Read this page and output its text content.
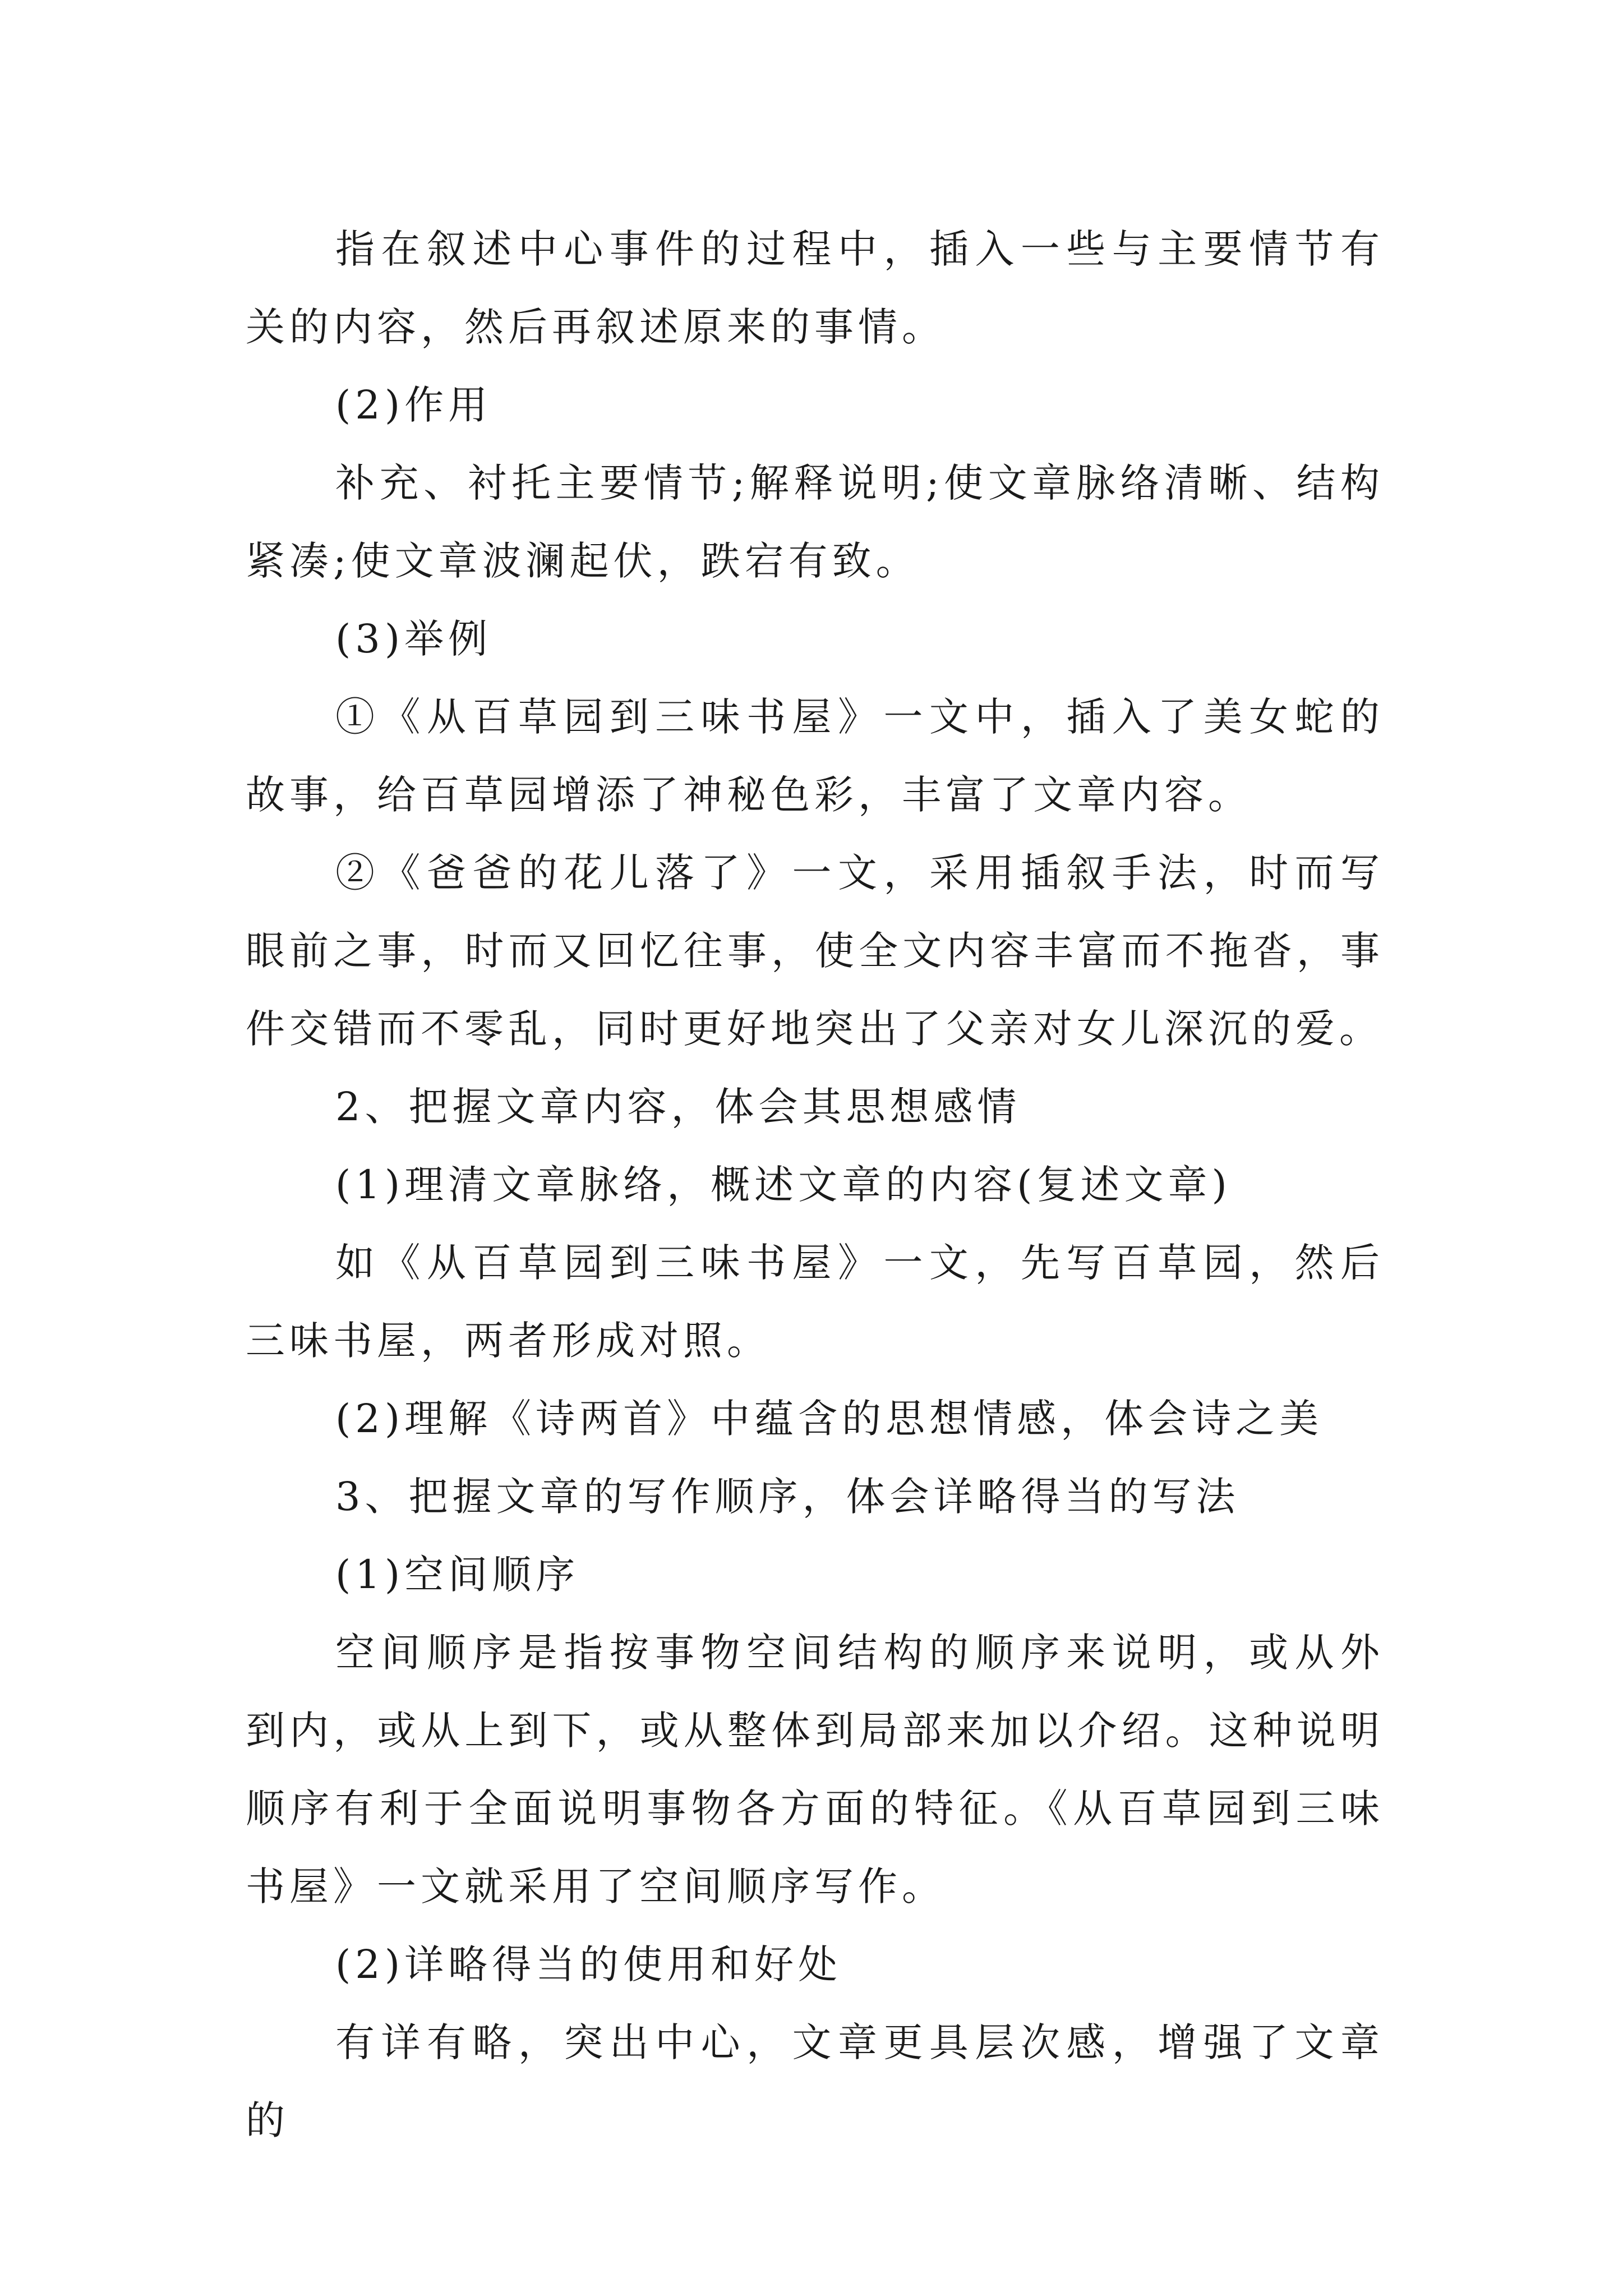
指在叙述中心事件的过程中，插入一些与主要情节有关的内容，然后再叙述原来的事情。

(2)作用

补充、衬托主要情节;解释说明;使文章脉络清晰、结构紧凑;使文章波澜起伏，跌宕有致。

(3)举例

①《从百草园到三味书屋》一文中，插入了美女蛇的故事，给百草园增添了神秘色彩，丰富了文章内容。

②《爸爸的花儿落了》一文，采用插叙手法，时而写眼前之事，时而又回忆往事，使全文内容丰富而不拖沓，事件交错而不零乱，同时更好地突出了父亲对女儿深沉的爱。

2、把握文章内容，体会其思想感情

(1)理清文章脉络，概述文章的内容(复述文章)

如《从百草园到三味书屋》一文，先写百草园，然后三味书屋，两者形成对照。

(2)理解《诗两首》中蕴含的思想情感，体会诗之美

3、把握文章的写作顺序，体会详略得当的写法

(1)空间顺序

空间顺序是指按事物空间结构的顺序来说明，或从外到内，或从上到下，或从整体到局部来加以介绍。这种说明顺序有利于全面说明事物各方面的特征。《从百草园到三味书屋》一文就采用了空间顺序写作。

(2)详略得当的使用和好处

有详有略，突出中心，文章更具层次感，增强了文章的
